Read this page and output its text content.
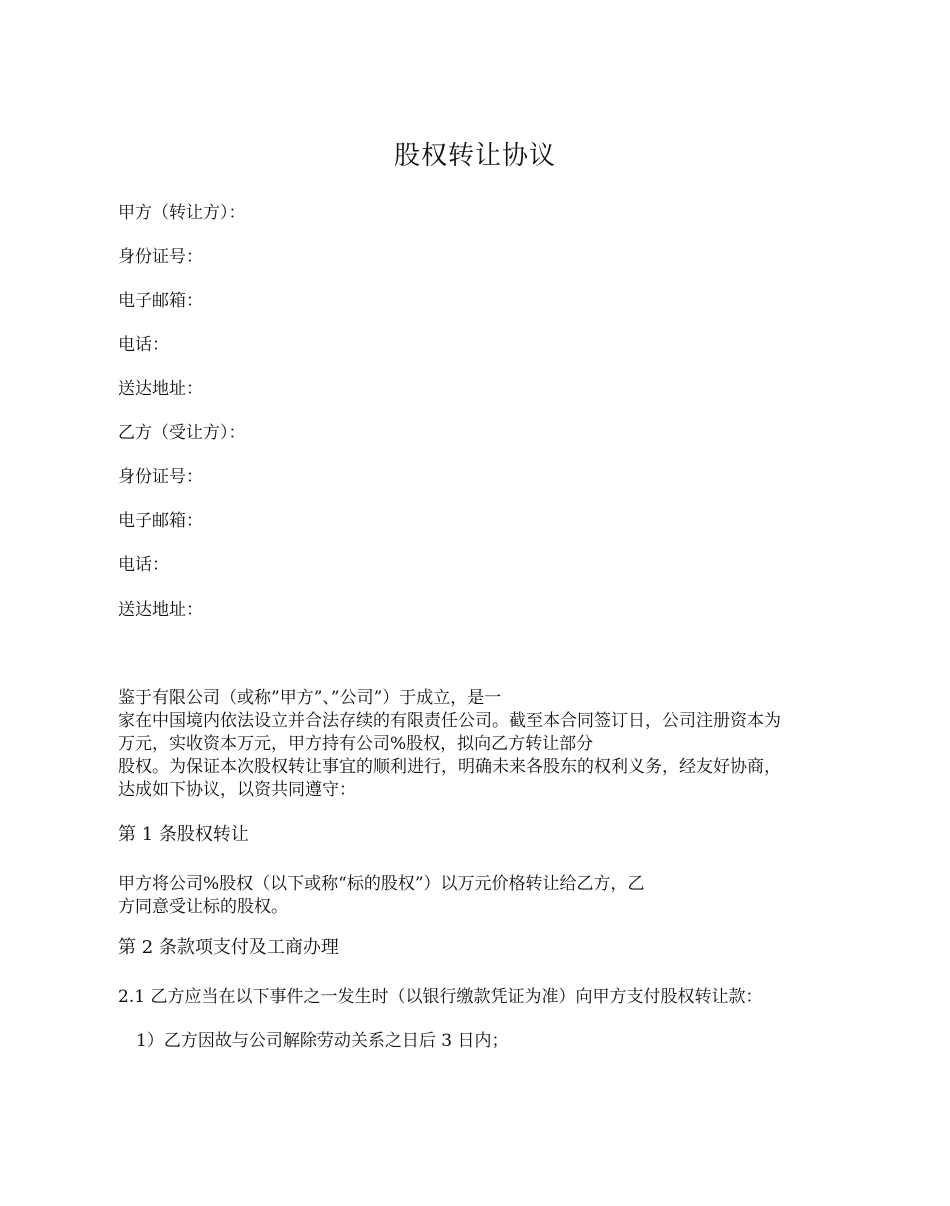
股权转让协议
甲方（转让方）：
身份证号：
电子邮箱：
电话：
送达地址：
乙方（受让方）：
身份证号：
电子邮箱：
电话：
送达地址：
鉴于有限公司（或称”甲方”、”公司”）于成立，是一
家在中国境内依法设立并合法存续的有限责任公司。截至本合同签订日，公司注册资本为
万元，实收资本万元，甲方持有公司%股权，拟向乙方转让部分
股权。为保证本次股权转让事宜的顺利进行，明确未来各股东的权利义务，经友好协商，
达成如下协议，以资共同遵守：
第 1 条股权转让
甲方将公司%股权（以下或称“标的股权”）以万元价格转让给乙方，乙
方同意受让标的股权。
第 2 条款项支付及工商办理
2.1 乙方应当在以下事件之一发生时（以银行缴款凭证为准）向甲方支付股权转让款：
1）乙方因故与公司解除劳动关系之日后 3 日内；
